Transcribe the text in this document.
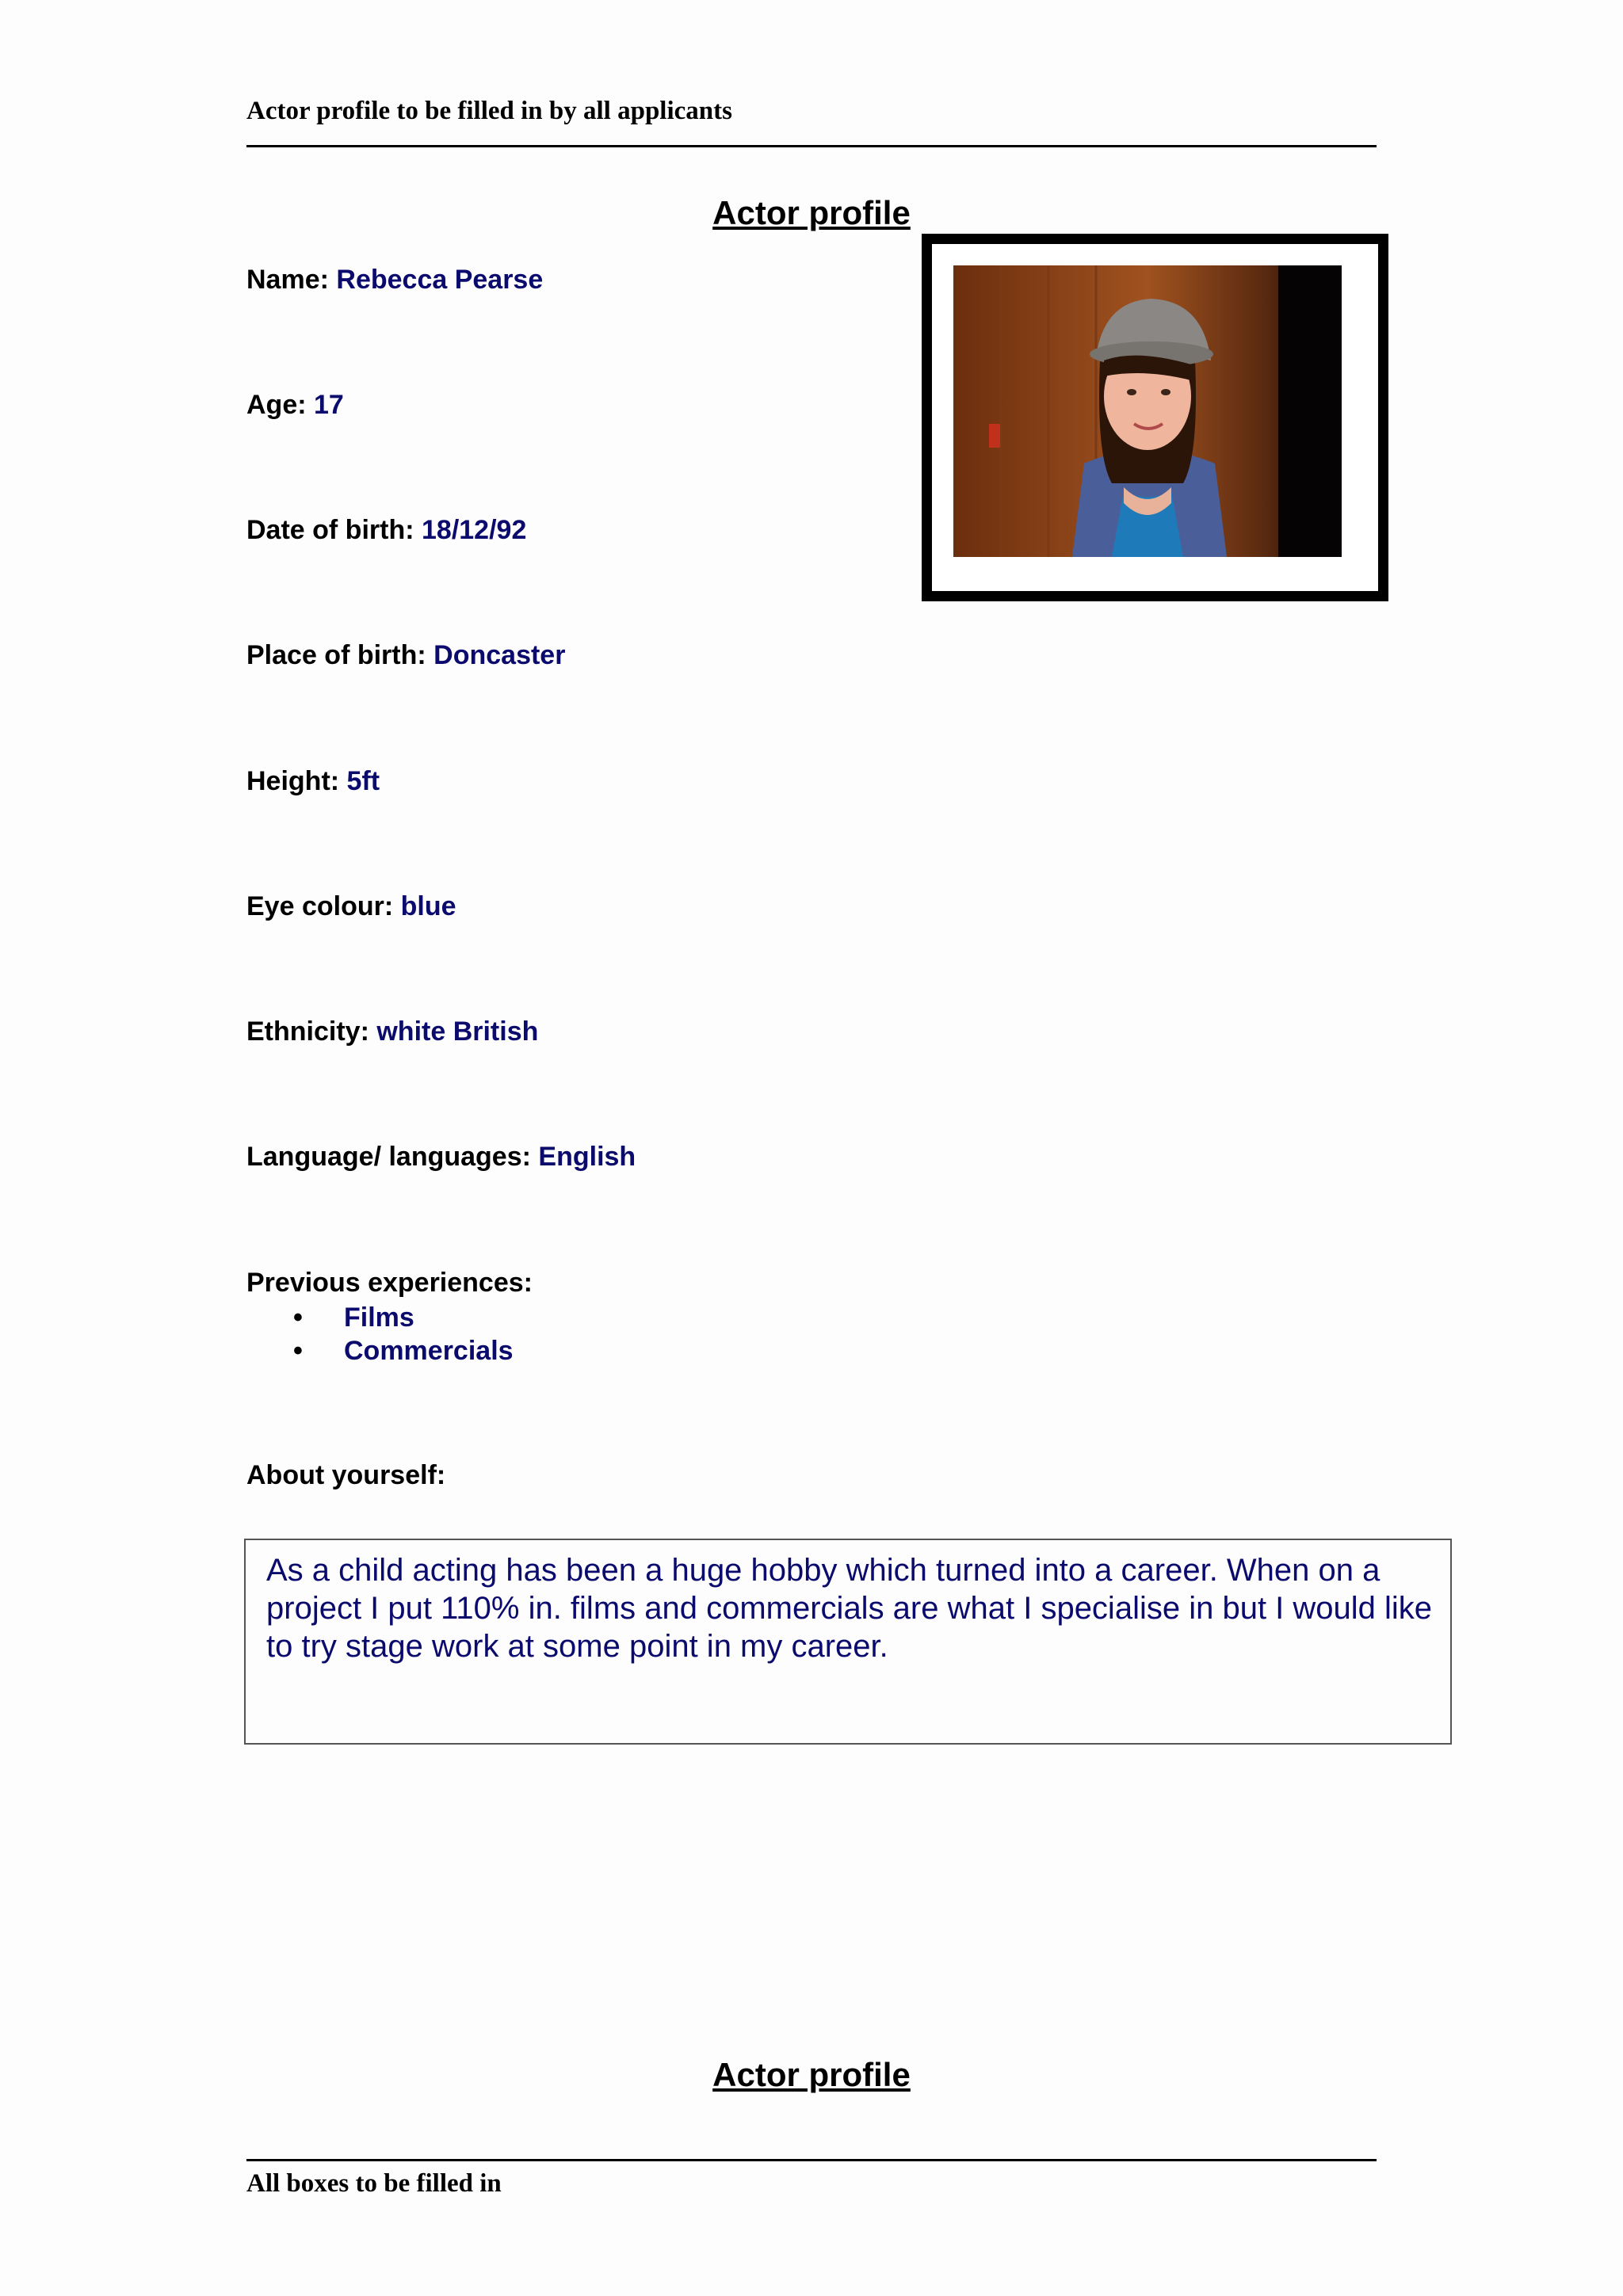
Actor profile to be filled in by all applicants
Actor profile
Name: Rebecca Pearse
Age: 17
Date of birth: 18/12/92
Place of birth: Doncaster
Height: 5ft
Eye colour: blue
Ethnicity: white British
Language/ languages: English
Previous experiences:
• Films
• Commercials
About yourself:
As a child acting has been a huge hobby which turned into a career. When on a project I put 110% in. films and commercials are what I specialise in but I would like to try stage work at some point in my career.
Actor profile
All boxes to be filled in
